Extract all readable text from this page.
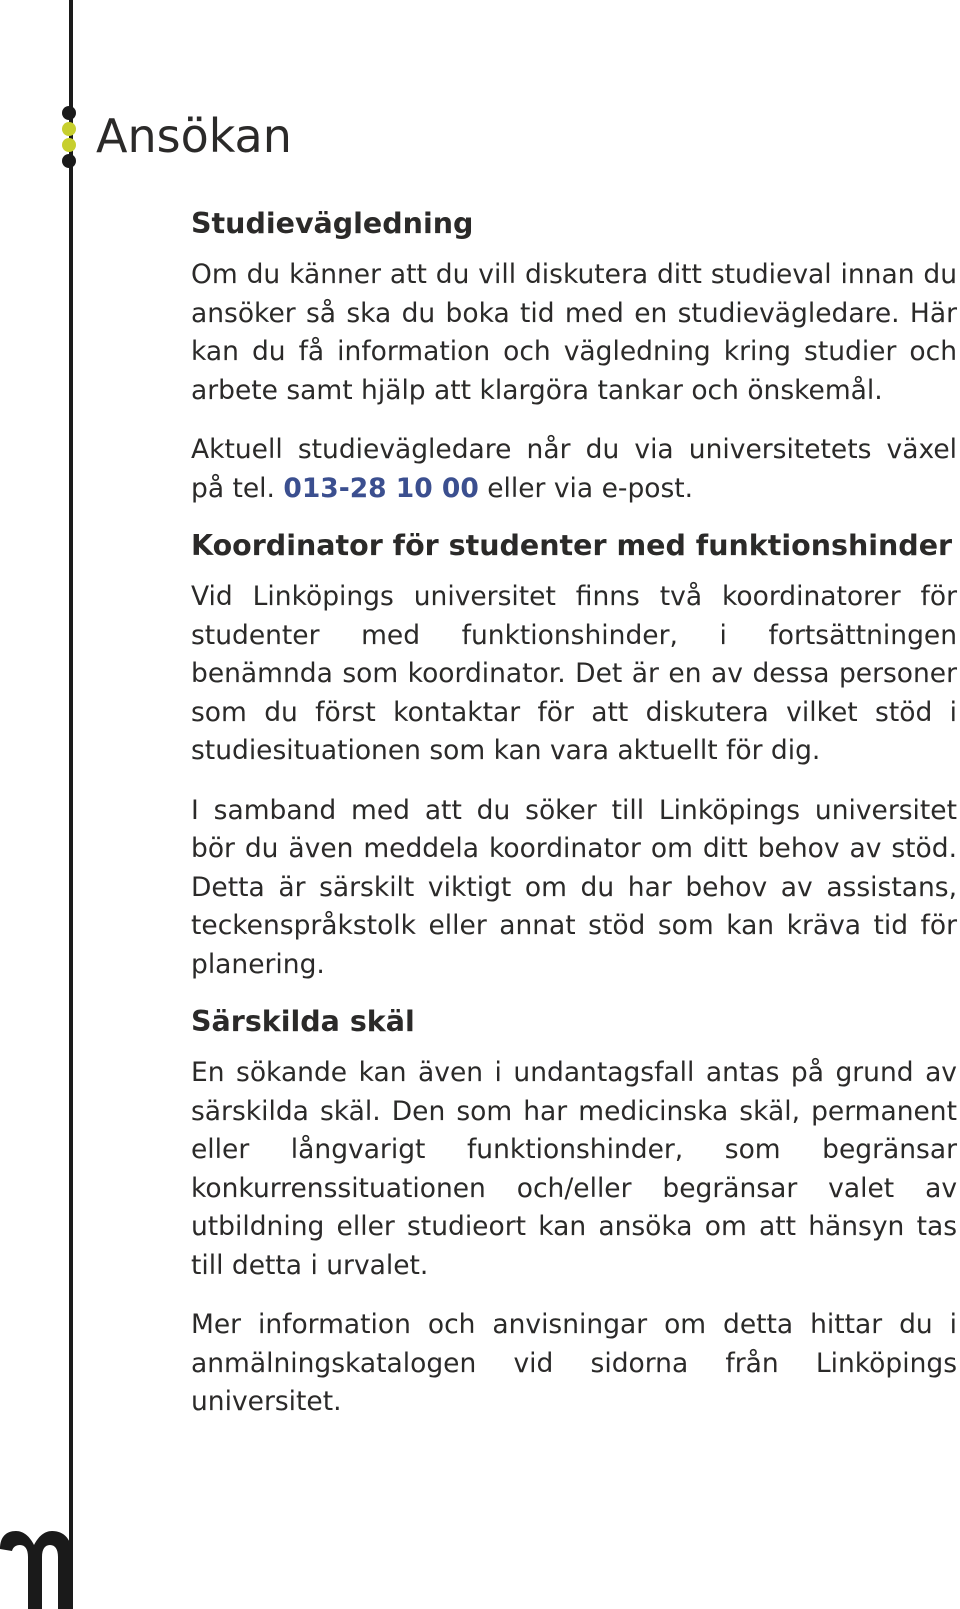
Ansökan
Studievägledning

Om du känner att du vill diskutera ditt studieval innan du ansöker så ska du boka tid med en studievägledare. Här kan du få information och vägledning kring studier och arbete samt hjälp att klargöra tankar och önskemål.

Aktuell studievägledare når du via universitetets växel på tel. 013-28 10 00 eller via e-post.

Koordinator för studenter med funktionshinder

Vid Linköpings universitet finns två koordinatorer för studenter med funktionshinder, i fortsättningen benämnda som koordinator. Det är en av dessa personer som du först kontaktar för att diskutera vilket stöd i studiesituationen som kan vara aktuellt för dig.

I samband med att du söker till Linköpings universitet bör du även meddela koordinator om ditt behov av stöd. Detta är särskilt viktigt om du har behov av assistans, teckenspråkstolk eller annat stöd som kan kräva tid för planering.

Särskilda skäl

En sökande kan även i undantagsfall antas på grund av särskilda skäl. Den som har medicinska skäl, permanent eller långvarigt funktionshinder, som begränsar konkurrenssituationen och/eller begränsar valet av utbildning eller studieort kan ansöka om att hänsyn tas till detta i urvalet.

Mer information och anvisningar om detta hittar du i anmälningskatalogen vid sidorna från Linköpings universitet.
